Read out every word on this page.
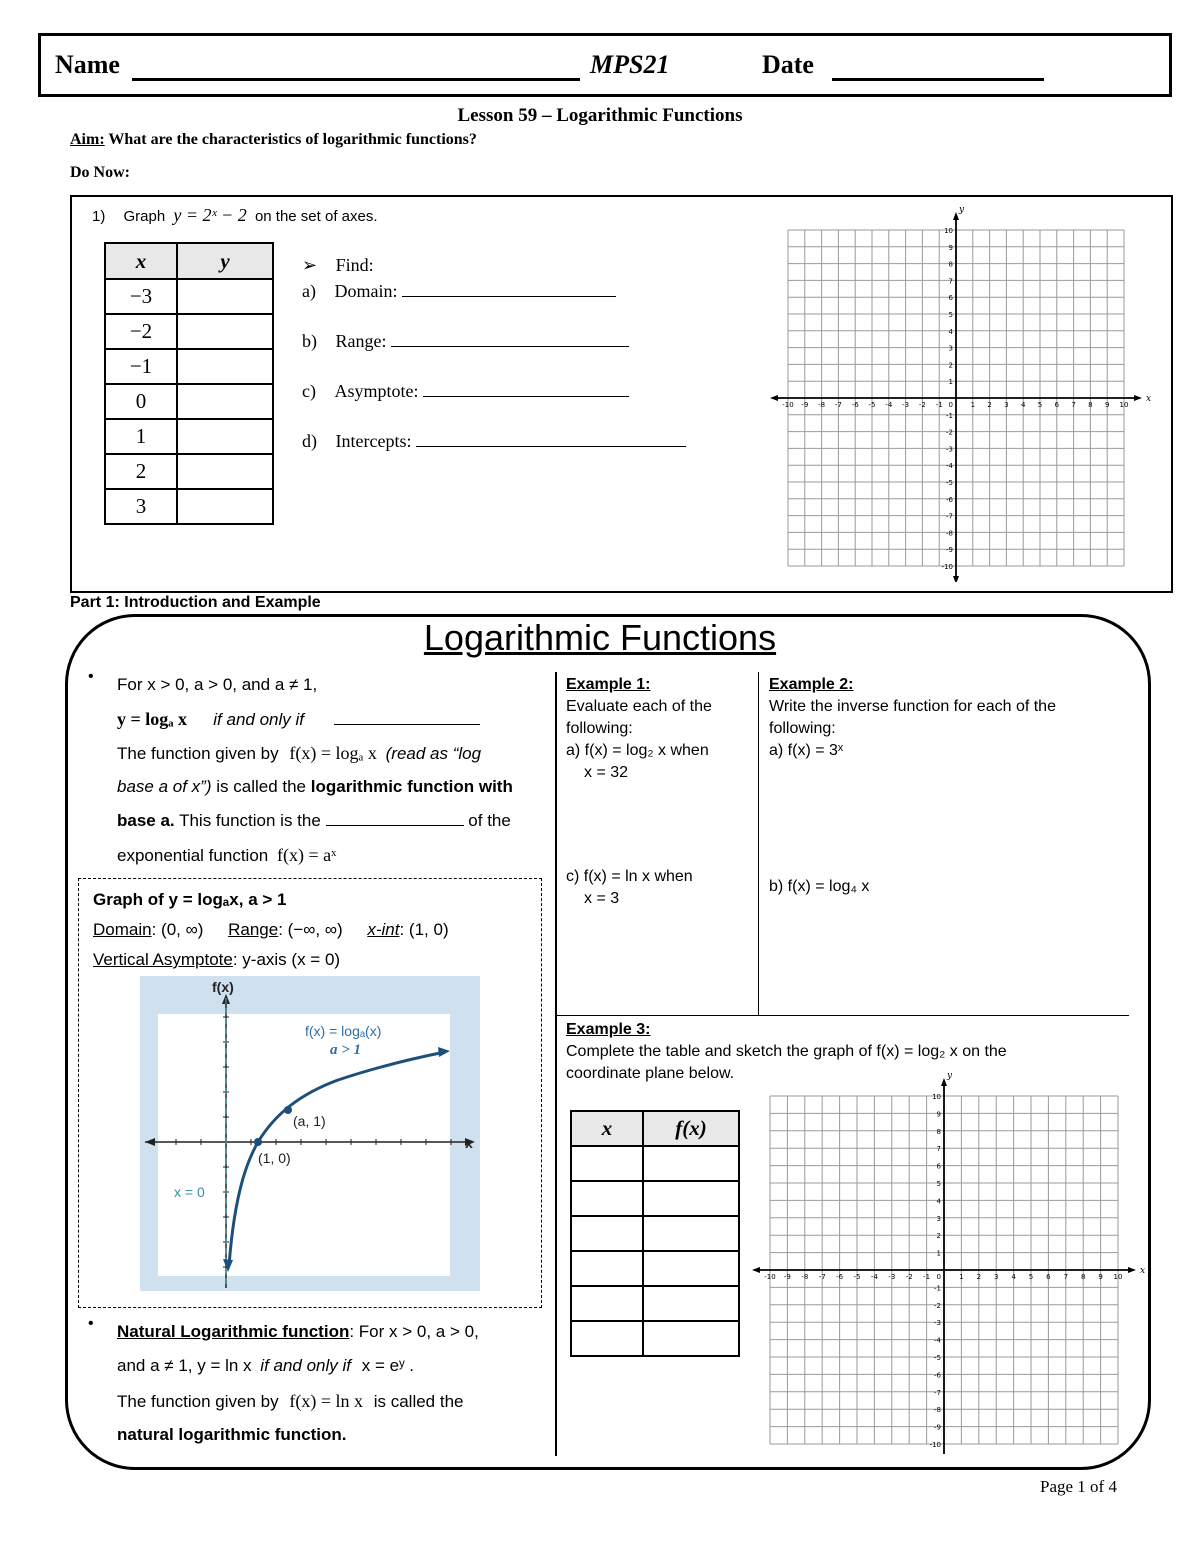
Name	MPS21	Date
Lesson 59 – Logarithmic Functions
Aim: What are the characteristics of logarithmic functions?
Do Now:
1) Graph y = 2ˣ − 2 on the set of axes.
x	y
−3	
−2	
−1	
0	
1	
2	
3	
➢ Find:
a) Domain:
b) Range:
c) Asymptote:
d) Intercepts:
-10
-10
-9
-9
-8
-8
-7
-7
-6
-6
-5
-5
-4
-4
-3
-3
-2
-2
-1
-1
1
1
2
2
3
3
4
4
5
5
6
6
7
7
8
8
9
9
10
10
0
x
y
Part 1: Introduction and Example
Logarithmic Functions
• For x > 0, a > 0, and a ≠ 1,
y = logₐ x if and only if
The function given by f(x) = logₐ x (read as “log
base a of x”) is called the logarithmic function with
base a. This function is the	of the
exponential function f(x) = aˣ
Graph of y = logₐx, a > 1
Domain: (0, ∞) Range: (−∞, ∞) x-int: (1, 0)
Vertical Asymptote: y-axis (x = 0)
f(x)
x
f(x) = logₐ(x)
a > 1
(a, 1)
(1, 0)
x = 0
• Natural Logarithmic function: For x > 0, a > 0,
and a ≠ 1, y = ln x if and only if x = eʸ .
The function given by f(x) = ln x is called the
natural logarithmic function.
Example 1:
Evaluate each of the following:
a) f(x) = log₂ x when
x = 32
c) f(x) = ln x when
x = 3
Example 2:
Write the inverse function for each of the following:
a) f(x) = 3ˣ
b) f(x) = log₄ x
Example 3:
Complete the table and sketch the graph of f(x) = log₂ x on the
coordinate plane below.
x	f(x)

-10
-10
-9
-9
-8
-8
-7
-7
-6
-6
-5
-5
-4
-4
-3
-3
-2
-2
-1
-1
1
1
2
2
3
3
4
4
5
5
6
6
7
7
8
8
9
9
10
10
0
x
y
Page 1 of 4
